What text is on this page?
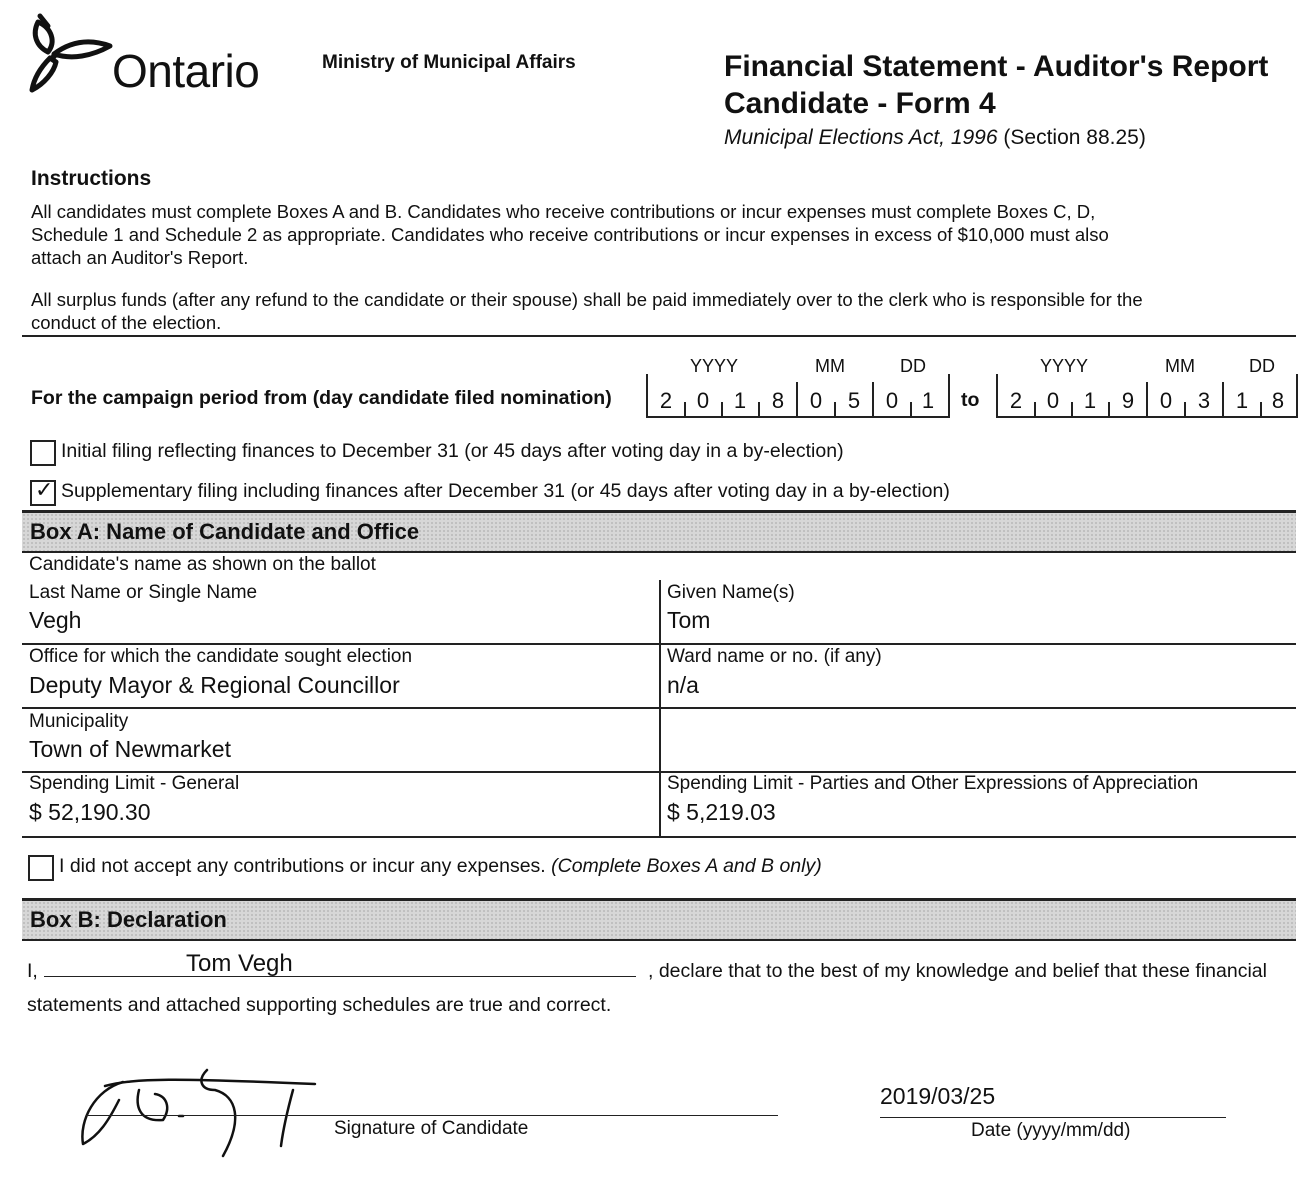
Ontario	Ministry of Municipal Affairs	Financial Statement - Auditor's Report
Candidate - Form 4
Municipal Elections Act, 1996 (Section 88.25)
Instructions
All candidates must complete Boxes A and B. Candidates who receive contributions or incur expenses must complete Boxes C, D,
Schedule 1 and Schedule 2 as appropriate. Candidates who receive contributions or incur expenses in excess of $10,000 must also
attach an Auditor's Report.
All surplus funds (after any refund to the candidate or their spouse) shall be paid immediately over to the clerk who is responsible for the
conduct of the election.
For the campaign period from (day candidate filed nomination)
YYYY	MM	DD
2	0	1	8	0	5	0	1	to
YYYY	MM	DD
2	0	1	9	0	3	1	8
Initial filing reflecting finances to December 31 (or 45 days after voting day in a by-election)
✓ Supplementary filing including finances after December 31 (or 45 days after voting day in a by-election)
Box A: Name of Candidate and Office
Candidate's name as shown on the ballot
Last Name or Single Name
Vegh
Given Name(s)
Tom
Office for which the candidate sought election
Deputy Mayor & Regional Councillor
Ward name or no. (if any)
n/a
Municipality
Town of Newmarket
Spending Limit - General
$ 52,190.30
Spending Limit - Parties and Other Expressions of Appreciation
$ 5,219.03
I did not accept any contributions or incur any expenses. (Complete Boxes A and B only)
Box B: Declaration
I,	Tom Vegh	, declare that to the best of my knowledge and belief that these financial
statements and attached supporting schedules are true and correct.
Signature of Candidate
2019/03/25
Date (yyyy/mm/dd)
